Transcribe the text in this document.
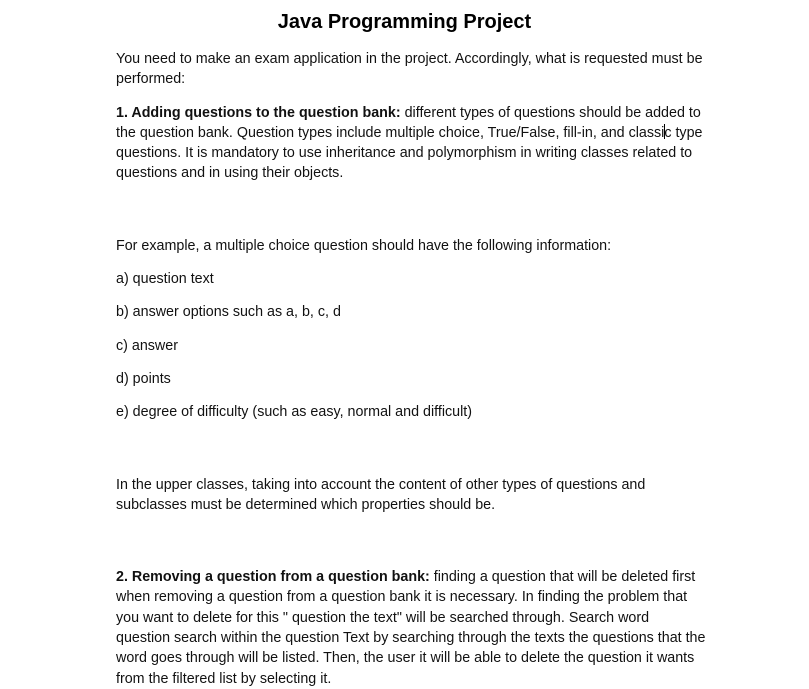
Java Programming Project

You need to make an exam application in the project. Accordingly, what is requested must be performed:

1. Adding questions to the question bank: different types of questions should be added to the question bank. Question types include multiple choice, True/False, fill-in, and classic type questions. It is mandatory to use inheritance and polymorphism in writing classes related to questions and in using their objects.

For example, a multiple choice question should have the following information:

a) question text

b) answer options such as a, b, c, d

c) answer

d) points

e) degree of difficulty (such as easy, normal and difficult)

In the upper classes, taking into account the content of other types of questions and subclasses must be determined which properties should be.

2. Removing a question from a question bank: finding a question that will be deleted first when removing a question from a question bank it is necessary. In finding the problem that you want to delete for this " question the text" will be searched through. Search word question search within the question Text by searching through the texts the questions that the word goes through will be listed. Then, the user it will be able to delete the question it wants from the filtered list by selecting it.
